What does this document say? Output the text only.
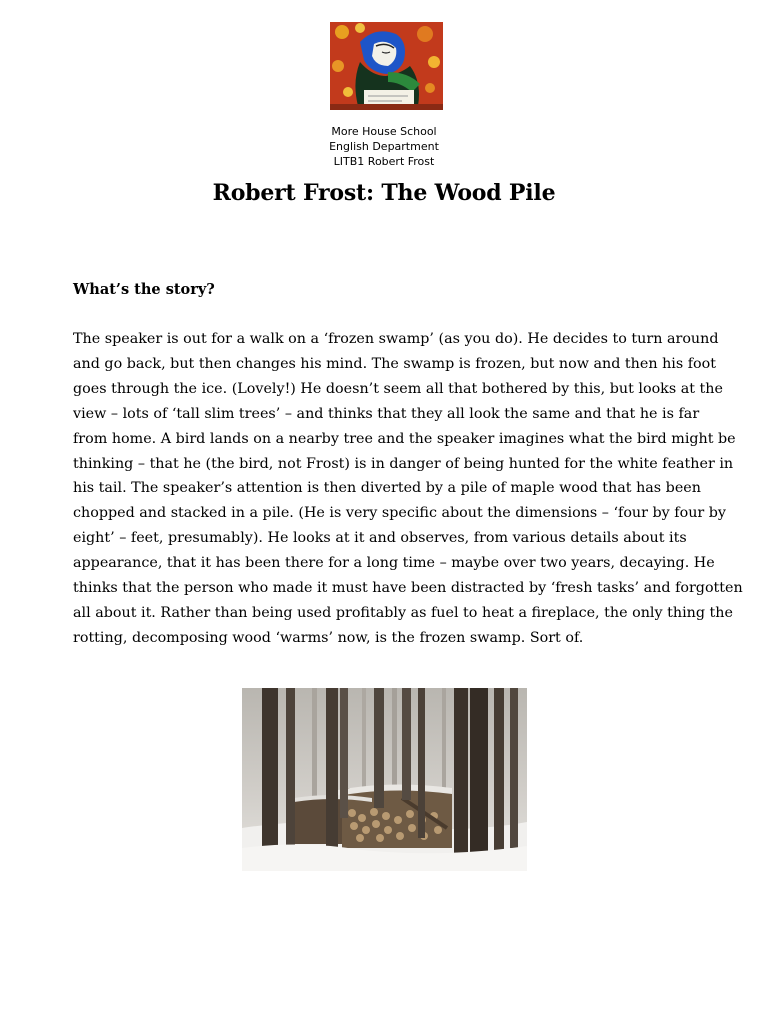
More House School
English Department
LITB1 Robert Frost
Robert Frost: The Wood Pile
What’s the story?
The speaker is out for a walk on a ‘frozen swamp’ (as you do). He decides to turn around
and go back, but then changes his mind. The swamp is frozen, but now and then his foot
goes through the ice. (Lovely!) He doesn’t seem all that bothered by this, but looks at the
view – lots of ‘tall slim trees’ – and thinks that they all look the same and that he is far
from home. A bird lands on a nearby tree and the speaker imagines what the bird might be
thinking – that he (the bird, not Frost) is in danger of being hunted for the white feather in
his tail. The speaker’s attention is then diverted by a pile of maple wood that has been
chopped and stacked in a pile. (He is very specific about the dimensions – ‘four by four by
eight’ – feet, presumably). He looks at it and observes, from various details about its
appearance, that it has been there for a long time – maybe over two years, decaying. He
thinks that the person who made it must have been distracted by ‘fresh tasks’ and forgotten
all about it. Rather than being used profitably as fuel to heat a fireplace, the only thing the
rotting, decomposing wood ‘warms’ now, is the frozen swamp. Sort of.
